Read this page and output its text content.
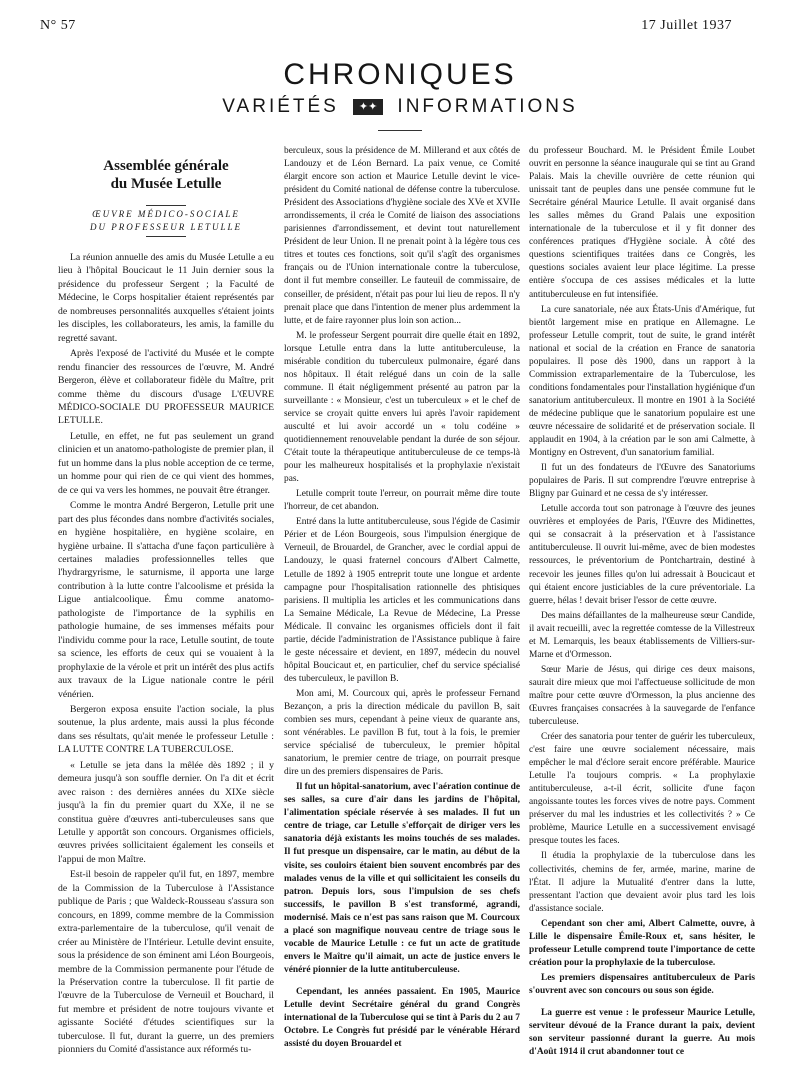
N° 57	17 Juillet 1937
CHRONIQUES
VARIÉTÉS ✦✦ INFORMATIONS
Assemblée générale
du Musée Letulle
ŒUVRE MÉDICO-SOCIALE
DU PROFESSEUR LETULLE

La réunion annuelle des amis du Musée Letulle a eu lieu à l'hôpital Boucicaut le 11 Juin dernier sous la présidence du professeur Sergent ; la Faculté de Médecine, le Corps hospitalier étaient représentés par de nombreuses personnalités auxquelles s'étaient joints les disciples, les collaborateurs, les amis, la famille du regretté savant.

Après l'exposé de l'activité du Musée et le compte rendu financier des ressources de l'œuvre, M. André Bergeron, élève et collaborateur fidèle du Maître, prit comme thème du discours d'usage L'ŒUVRE MÉDICO-SOCIALE DU PROFESSEUR MAURICE LETULLE.

Letulle, en effet, ne fut pas seulement un grand clinicien et un anatomo-pathologiste de premier plan, il fut un homme dans la plus noble acception de ce terme, un homme pour qui rien de ce qui vient des hommes, de ce qui va vers les hommes, ne pouvait être étranger.

Comme le montra André Bergeron, Letulle prit une part des plus fécondes dans nombre d'activités sociales, en hygiène hospitalière, en hygiène scolaire, en hygiène urbaine. Il s'attacha d'une façon particulière à certaines maladies professionnelles telles que l'hydrargyrisme, le saturnisme, il apporta une large contribution à la lutte contre l'alcoolisme et présida la Ligue antialcoolique. Ému comme anatomo-pathologiste de l'importance de la syphilis en pathologie humaine, de ses immenses méfaits pour l'individu comme pour la race, Letulle soutint, de toute sa science, les efforts de ceux qui se vouaient à la prophylaxie de la vérole et prit un intérêt des plus actifs aux travaux de la Ligue nationale contre le péril vénérien.

Bergeron exposa ensuite l'action sociale, la plus soutenue, la plus ardente, mais aussi la plus féconde dans ses résultats, qu'ait menée le professeur Letulle : LA LUTTE CONTRE LA TUBERCULOSE.

« Letulle se jeta dans la mêlée dès 1892 ; il y demeura jusqu'à son souffle dernier. On l'a dit et écrit avec raison : des dernières années du XIXe siècle jusqu'à la fin du premier quart du XXe, il ne se constitua guère d'œuvres anti-tuberculeuses sans que Letulle y apportât son concours. Organismes officiels, œuvres privées sollicitaient également les conseils et l'appui de mon Maître.

Est-il besoin de rappeler qu'il fut, en 1897, membre de la Commission de la Tuberculose à l'Assistance publique de Paris ; que Waldeck-Rousseau s'assura son concours, en 1899, comme membre de la Commission extra-parlementaire de la tuberculose, qu'il venait de créer au Ministère de l'Intérieur. Letulle devint ensuite, sous la présidence de son éminent ami Léon Bourgeois, membre de la Commission permanente pour l'étude de la Préservation contre la tuberculose. Il fit partie de l'œuvre de la Tuberculose de Verneuil et Bouchard, il fut membre et président de notre toujours vivante et agissante Société d'études scientifiques sur la tuberculose. Il fut, durant la guerre, un des premiers pionniers du Comité d'assistance aux réformés tu-

berculeux, sous la présidence de M. Millerand et aux côtés de Landouzy et de Léon Bernard. La paix venue, ce Comité élargit encore son action et Maurice Letulle devint le vice-président du Comité national de défense contre la tuberculose. Président des Associations d'hygiène sociale des XVe et XVIIe arrondissements, il créa le Comité de liaison des associations parisiennes d'arrondissement, et devint tout naturellement Président de leur Union. Il ne prenait point à la légère tous ces titres et toutes ces fonctions, soit qu'il s'agît des organismes français ou de l'Union internationale contre la tuberculose, dont il fut membre conseiller. Le fauteuil de commissaire, de conseiller, de président, n'était pas pour lui lieu de repos. Il n'y prenait place que dans l'intention de mener plus ardemment la lutte, et de faire rayonner plus loin son action...

M. le professeur Sergent pourrait dire quelle était en 1892, lorsque Letulle entra dans la lutte antituberculeuse, la misérable condition du tuberculeux pulmonaire, égaré dans nos hôpitaux. Il était relégué dans un coin de la salle commune. Il était négligemment présenté au patron par la surveillante : « Monsieur, c'est un tuberculeux » et le chef de service se croyait quitte envers lui après l'avoir rapidement ausculté et lui avoir accordé un « tolu codéine » quotidiennement renouvelable pendant la durée de son séjour. C'était toute la thérapeutique antituberculeuse de ce temps-là pour les malheureux hospitalisés et la prophylaxie n'existait pas.

Letulle comprit toute l'erreur, on pourrait même dire toute l'horreur, de cet abandon.

Entré dans la lutte antituberculeuse, sous l'égide de Casimir Périer et de Léon Bourgeois, sous l'impulsion énergique de Verneuil, de Brouardel, de Grancher, avec le cordial appui de Landouzy, le quasi fraternel concours d'Albert Calmette, Letulle de 1892 à 1905 entreprit toute une longue et ardente campagne pour l'hospitalisation rationnelle des phtisiques parisiens. Il multiplia les articles et les communications dans La Semaine Médicale, La Revue de Médecine, La Presse Médicale. Il convainc les organismes officiels dont il fait partie, décide l'administration de l'Assistance publique à faire le geste nécessaire et devient, en 1897, médecin du nouvel hôpital Boucicaut et, en particulier, chef du service spécialisé des tuberculeux, le pavillon B.

Mon ami, M. Courcoux qui, après le professeur Fernand Bezançon, a pris la direction médicale du pavillon B, sait combien ses murs, cependant à peine vieux de quarante ans, sont vénérables. Le pavillon B fut, tout à la fois, le premier service spécialisé de tuberculeux, le premier hôpital sanatorium, le premier centre de triage, on pourrait presque dire un des premiers dispensaires de Paris.

Il fut un hôpital-sanatorium, avec l'aération continue de ses salles, sa cure d'air dans les jardins de l'hôpital, l'alimentation spéciale réservée à ses malades. Il fut un centre de triage, car Letulle s'efforçait de diriger vers les sanatoria déjà existants les moins touchés de ses malades. Il fut presque un dispensaire, car le matin, au début de la visite, ses couloirs étaient bien souvent encombrés par des malades venus de la ville et qui sollicitaient les conseils du patron. Depuis lors, sous l'impulsion de ses chefs successifs, le pavillon B s'est transformé, agrandi, modernisé. Mais ce n'est pas sans raison que M. Courcoux a placé son magnifique nouveau centre de triage sous le vocable de Maurice Letulle : ce fut un acte de gratitude envers le Maître qu'il aimait, un acte de justice envers le vénéré pionnier de la lutte antituberculeuse.

Cependant, les années passaient. En 1905, Maurice Letulle devint Secrétaire général du grand Congrès international de la Tuberculose qui se tint à Paris du 2 au 7 Octobre. Le Congrès fut présidé par le vénérable Hérard assisté du doyen Brouardel et

du professeur Bouchard. M. le Président Émile Loubet ouvrit en personne la séance inaugurale qui se tint au Grand Palais. Mais la cheville ouvrière de cette réunion qui unissait tant de peuples dans une pensée commune fut le Secrétaire général Maurice Letulle. Il avait organisé dans les salles mêmes du Grand Palais une exposition internationale de la tuberculose et il y fit donner des conférences pratiques d'Hygiène sociale. À côté des questions scientifiques traitées dans ce Congrès, les questions sociales avaient leur place légitime. La presse entière s'occupa de ces assises médicales et la lutte antituberculeuse en fut intensifiée.

La cure sanatoriale, née aux États-Unis d'Amérique, fut bientôt largement mise en pratique en Allemagne. Le professeur Letulle comprit, tout de suite, le grand intérêt national et social de la création en France de sanatoria populaires. Il pose dès 1900, dans un rapport à la Commission extraparlementaire de la Tuberculose, les conditions fondamentales pour l'installation hygiénique d'un sanatorium antituberculeux. Il montre en 1901 à la Société de médecine publique que le sanatorium populaire est une œuvre nécessaire de solidarité et de préservation sociale. Il applaudit en 1904, à la création par le son ami Calmette, à Montigny en Ostrevent, d'un sanatorium familial.

Il fut un des fondateurs de l'Œuvre des Sanatoriums populaires de Paris. Il sut comprendre l'œuvre entreprise à Bligny par Guinard et ne cessa de s'y intéresser.

Letulle accorda tout son patronage à l'œuvre des jeunes ouvrières et employées de Paris, l'Œuvre des Midinettes, qui se consacrait à la préservation et à l'assistance antituberculeuse. Il ouvrit lui-même, avec de bien modestes ressources, le préventorium de Pontchartrain, destiné à recevoir les jeunes filles qu'on lui adressait à Boucicaut et qui étaient encore justiciables de la cure préventoriale. La guerre, hélas ! devait briser l'essor de cette œuvre.

Des mains défaillantes de la malheureuse sœur Candide, il avait recueilli, avec la regrettée comtesse de la Villestreux et M. Lemarquis, les beaux établissements de Villiers-sur-Marne et d'Ormesson.

Sœur Marie de Jésus, qui dirige ces deux maisons, saurait dire mieux que moi l'affectueuse sollicitude de mon maître pour cette œuvre d'Ormesson, la plus ancienne des Œuvres françaises consacrées à la sauvegarde de l'enfance tuberculeuse.

Créer des sanatoria pour tenter de guérir les tuberculeux, c'est faire une œuvre socialement nécessaire, mais empêcher le mal d'éclore serait encore préférable. Maurice Letulle l'a toujours compris. « La prophylaxie antituberculeuse, a-t-il écrit, sollicite d'une façon angoissante toutes les forces vives de notre pays. Comment préserver du mal les industries et les collectivités ? » Ce problème, Maurice Letulle en a successivement envisagé presque toutes les faces.

Il étudia la prophylaxie de la tuberculose dans les collectivités, chemins de fer, armée, marine, marine de l'État. Il adjure la Mutualité d'entrer dans la lutte, pressentant l'action que devaient avoir plus tard les lois d'assistance sociale.

Cependant son cher ami, Albert Calmette, ouvre, à Lille le dispensaire Émile-Roux et, sans hésiter, le professeur Letulle comprend toute l'importance de cette création pour la prophylaxie de la tuberculose.

Les premiers dispensaires antituberculeux de Paris s'ouvrent avec son concours ou sous son égide.

La guerre est venue : le professeur Maurice Letulle, serviteur dévoué de la France durant la paix, devient son serviteur passionné durant la guerre. Au mois d'Août 1914 il crut abandonner tout ce
